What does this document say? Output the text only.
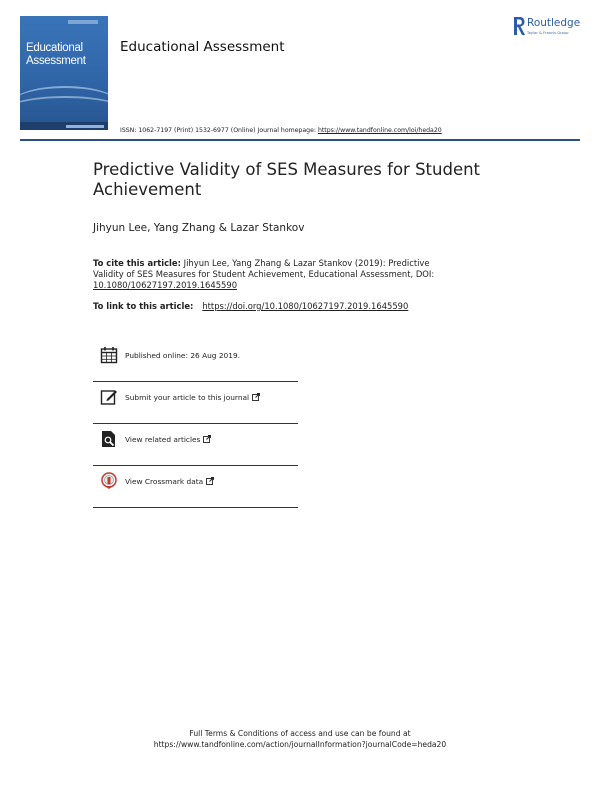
Educational
Assessment
Educational Assessment
Routledge
Taylor & Francis Group
ISSN: 1062-7197 (Print) 1532-6977 (Online) Journal homepage: https://www.tandfonline.com/loi/heda20
Predictive Validity of SES Measures for Student Achievement
Jihyun Lee, Yang Zhang & Lazar Stankov
To cite this article: Jihyun Lee, Yang Zhang & Lazar Stankov (2019): Predictive Validity of SES Measures for Student Achievement, Educational Assessment, DOI: 10.1080/10627197.2019.1645590
To link to this article: https://doi.org/10.1080/10627197.2019.1645590
Published online: 26 Aug 2019.
Submit your article to this journal
View related articles
View Crossmark data
Full Terms & Conditions of access and use can be found at
https://www.tandfonline.com/action/journalInformation?journalCode=heda20
